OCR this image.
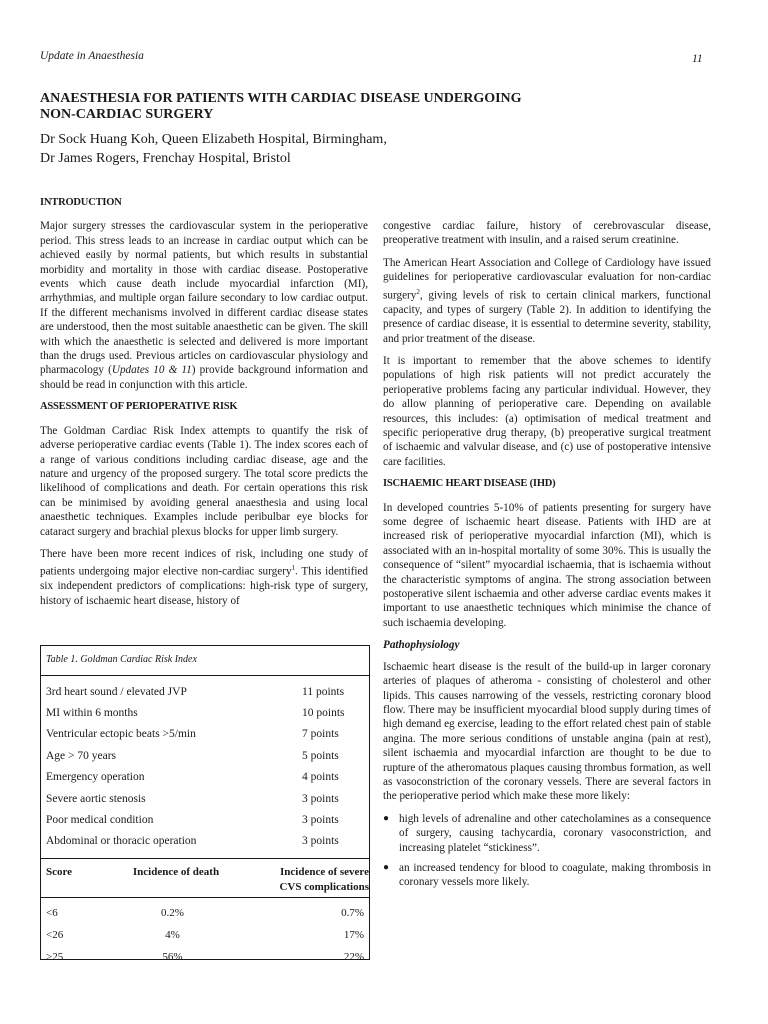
Update in Anaesthesia	11
ANAESTHESIA FOR PATIENTS WITH CARDIAC DISEASE UNDERGOING
NON-CARDIAC SURGERY
Dr Sock Huang Koh, Queen Elizabeth Hospital, Birmingham,
Dr James Rogers, Frenchay Hospital, Bristol
INTRODUCTION

Major surgery stresses the cardiovascular system in the perioperative period. This stress leads to an increase in cardiac output which can be achieved easily by normal patients, but which results in substantial morbidity and mortality in those with cardiac disease. Postoperative events which cause death include myocardial infarction (MI), arrhythmias, and multiple organ failure secondary to low cardiac output. If the different mechanisms involved in different cardiac disease states are understood, then the most suitable anaesthetic can be given. The skill with which the anaesthetic is selected and delivered is more important than the drugs used. Previous articles on cardiovascular physiology and pharmacology (Updates 10 & 11) provide background information and should be read in conjunction with this article.

ASSESSMENT OF PERIOPERATIVE RISK

The Goldman Cardiac Risk Index attempts to quantify the risk of adverse perioperative cardiac events (Table 1). The index scores each of a range of various conditions including cardiac disease, age and the nature and urgency of the proposed surgery. The total score predicts the likelihood of complications and death. For certain operations this risk can be minimised by avoiding general anaesthesia and using local anaesthetic techniques. Examples include peribulbar eye blocks for cataract surgery and brachial plexus blocks for upper limb surgery.

There have been more recent indices of risk, including one study of patients undergoing major elective non-cardiac surgery$^1$. This identified six independent predictors of complications: high-risk type of surgery, history of ischaemic heart disease, history of

Table 1. Goldman Cardiac Risk Index
3rd heart sound / elevated JVP	11 points
MI within 6 months	10 points
Ventricular ectopic beats >5/min	7 points
Age > 70 years	5 points
Emergency operation	4 points
Severe aortic stenosis	3 points
Poor medical condition	3 points
Abdominal or thoracic operation	3 points
Score	Incidence of death	Incidence of severe
CVS complications
<6	0.2%	0.7%
<26	4%	17%
>25	56%	22%

congestive cardiac failure, history of cerebrovascular disease, preoperative treatment with insulin, and a raised serum creatinine.

The American Heart Association and College of Cardiology have issued guidelines for perioperative cardiovascular evaluation for non-cardiac surgery$^2$, giving levels of risk to certain clinical markers, functional capacity, and types of surgery (Table 2). In addition to identifying the presence of cardiac disease, it is essential to determine severity, stability, and prior treatment of the disease.

It is important to remember that the above schemes to identify populations of high risk patients will not predict accurately the perioperative problems facing any particular individual. However, they do allow planning of perioperative care. Depending on available resources, this includes: (a) optimisation of medical treatment and specific perioperative drug therapy, (b) preoperative surgical treatment of ischaemic and valvular disease, and (c) use of postoperative intensive care facilities.

ISCHAEMIC HEART DISEASE (IHD)

In developed countries 5-10% of patients presenting for surgery have some degree of ischaemic heart disease. Patients with IHD are at increased risk of perioperative myocardial infarction (MI), which is associated with an in-hospital mortality of some 30%. This is usually the consequence of “silent” myocardial ischaemia, that is ischaemia without the characteristic symptoms of angina. The strong association between postoperative silent ischaemia and other adverse cardiac events makes it important to use anaesthetic techniques which minimise the chance of such ischaemia developing.

Pathophysiology

Ischaemic heart disease is the result of the build-up in larger coronary arteries of plaques of atheroma - consisting of cholesterol and other lipids. This causes narrowing of the vessels, restricting coronary blood flow. There may be insufficient myocardial blood supply during times of high demand eg exercise, leading to the effort related chest pain of stable angina. The more serious conditions of unstable angina (pain at rest), silent ischaemia and myocardial infarction are thought to be due to rupture of the atheromatous plaques causing thrombus formation, as well as vasoconstriction of the coronary vessels. There are several factors in the perioperative period which make these more likely:

● high levels of adrenaline and other catecholamines as a consequence of surgery, causing tachycardia, coronary vasoconstriction, and increasing platelet “stickiness”.
● an increased tendency for blood to coagulate, making thrombosis in coronary vessels more likely.
